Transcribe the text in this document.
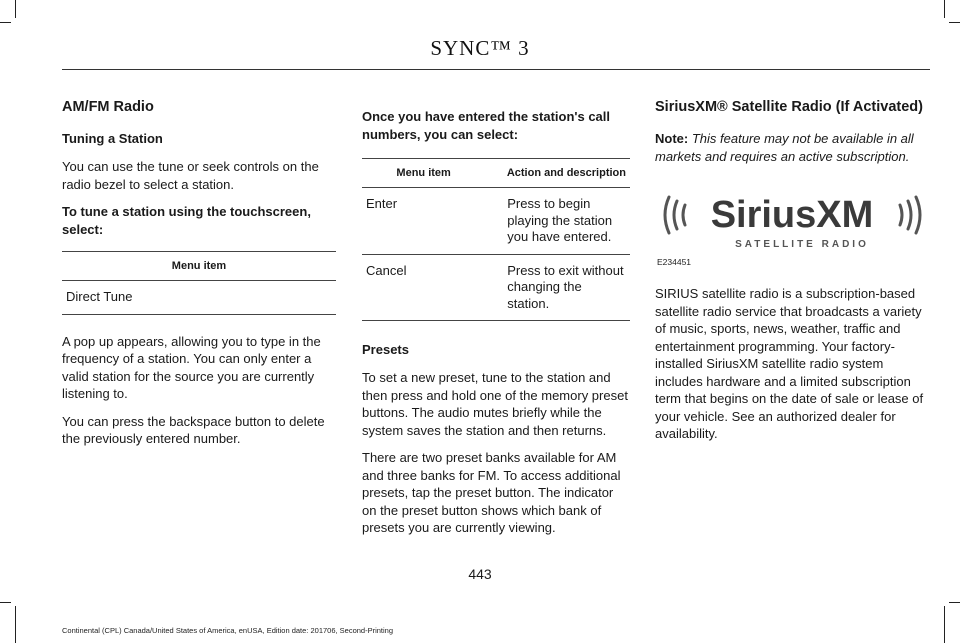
SYNC™ 3
AM/FM Radio
Tuning a Station

You can use the tune or seek controls on the radio bezel to select a station.

To tune a station using the touchscreen, select:
Menu item
Direct Tune

A pop up appears, allowing you to type in the frequency of a station. You can only enter a valid station for the source you are currently listening to.

You can press the backspace button to delete the previously entered number.

Once you have entered the station's call numbers, you can select:
Menu item	Action and description
Enter	Press to begin playing the station you have entered.
Cancel	Press to exit without changing the station.
Presets

To set a new preset, tune to the station and then press and hold one of the memory preset buttons. The audio mutes briefly while the system saves the station and then returns.

There are two preset banks available for AM and three banks for FM. To access additional presets, tap the preset button. The indicator on the preset button shows which bank of presets you are currently viewing.

SiriusXM® Satellite Radio (If Activated)
Note: This feature may not be available in all markets and requires an active subscription.
SiriusXM
SATELLITE RADIO
E234451

SIRIUS satellite radio is a subscription-based satellite radio service that broadcasts a variety of music, sports, news, weather, traffic and entertainment programming. Your factory-installed SiriusXM satellite radio system includes hardware and a limited subscription term that begins on the date of sale or lease of your vehicle. See an authorized dealer for availability.

443
Continental (CPL) Canada/United States of America, enUSA, Edition date: 201706, Second-Printing
